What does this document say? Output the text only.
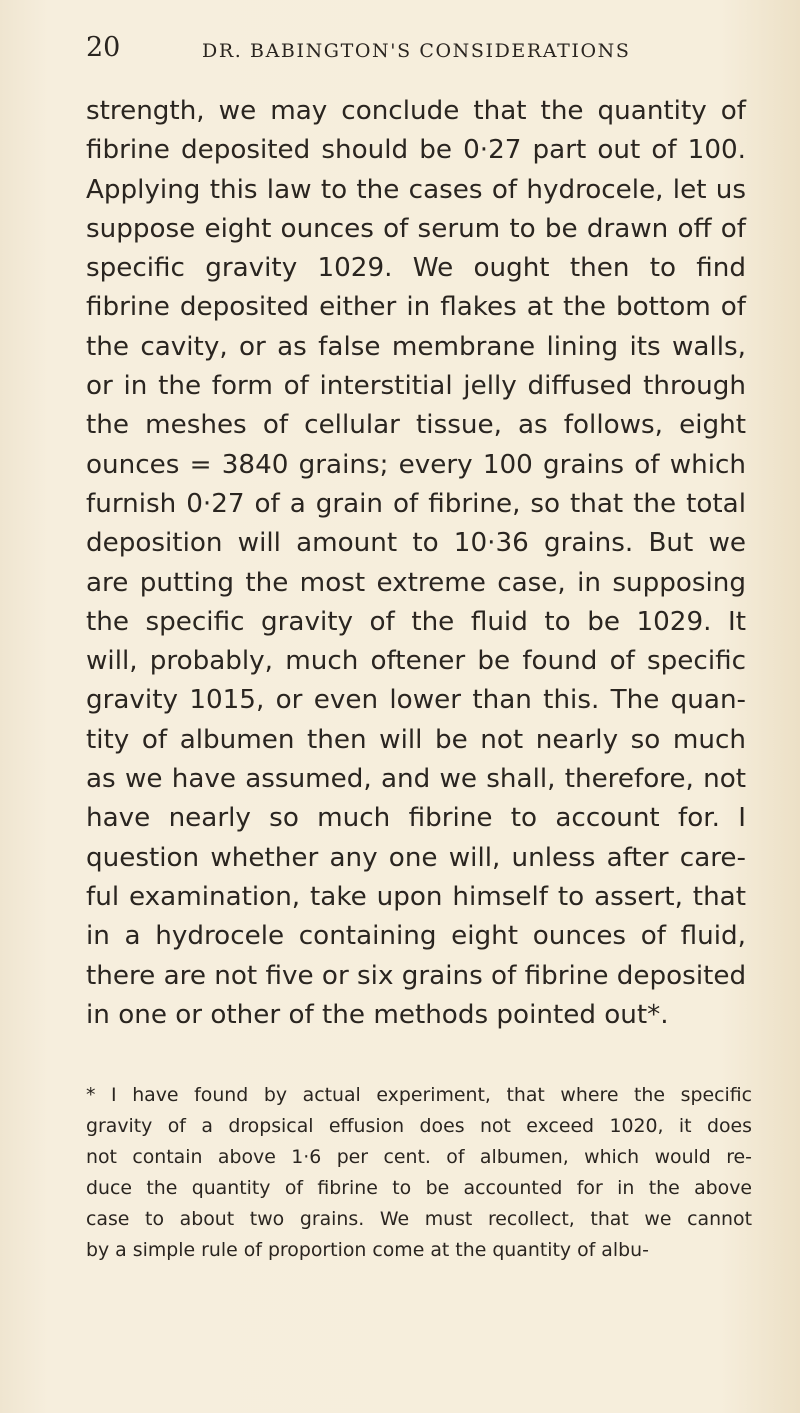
20	DR. BABINGTON'S CONSIDERATIONS
strength, we may conclude that the quantity of
fibrine deposited should be 0·27 part out of 100.
Applying this law to the cases of hydrocele, let us
suppose eight ounces of serum to be drawn off of
specific gravity 1029. We ought then to find
fibrine deposited either in flakes at the bottom of
the cavity, or as false membrane lining its walls,
or in the form of interstitial jelly diffused through
the meshes of cellular tissue, as follows, eight
ounces = 3840 grains; every 100 grains of which
furnish 0·27 of a grain of fibrine, so that the total
deposition will amount to 10·36 grains. But we
are putting the most extreme case, in supposing
the specific gravity of the fluid to be 1029. It
will, probably, much oftener be found of specific
gravity 1015, or even lower than this. The quan-
tity of albumen then will be not nearly so much
as we have assumed, and we shall, therefore, not
have nearly so much fibrine to account for. I
question whether any one will, unless after care-
ful examination, take upon himself to assert, that
in a hydrocele containing eight ounces of fluid,
there are not five or six grains of fibrine deposited
in one or other of the methods pointed out*.
* I have found by actual experiment, that where the specific
gravity of a dropsical effusion does not exceed 1020, it does
not contain above 1·6 per cent. of albumen, which would re-
duce the quantity of fibrine to be accounted for in the above
case to about two grains. We must recollect, that we cannot
by a simple rule of proportion come at the quantity of albu-
